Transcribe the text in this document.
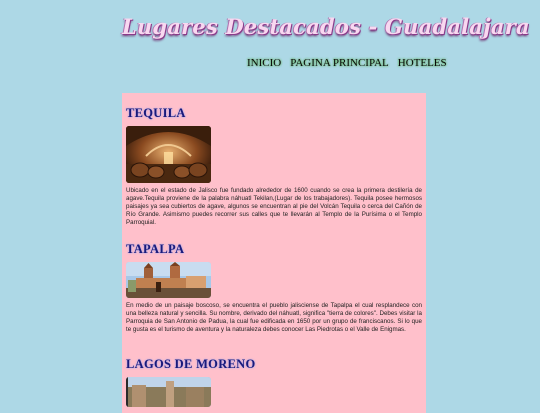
Lugares Destacados - Guadalajara
INICIO PAGINA PRINCIPAL HOTELES
TEQUILA

Ubicado en el estado de Jalisco fue fundado alrededor de 1600 cuando se crea la primera destilería de agave.Tequila proviene de la palabra náhuatl Tekilan,(Lugar de los trabajadores). Tequila posee hermosos paisajes ya sea cubiertos de agave, algunos se encuentran al pie del Volcán Tequila o cerca del Cañón de Río Grande. Asimismo puedes recorrer sus calles que te llevarán al Templo de la Purísima o el Templo Parroquial.

TAPALPA

En medio de un paisaje boscoso, se encuentra el pueblo jalisciense de Tapalpa el cual resplandece con una belleza natural y sencilla. Su nombre, derivado del náhuatl, significa "tierra de colores". Debes visitar la Parroquia de San Antonio de Padua, la cual fue edificada en 1650 por un grupo de franciscanos. Si lo que te gusta es el turismo de aventura y la naturaleza debes conocer Las Piedrotas o el Valle de Enigmas.

LAGOS DE MORENO
